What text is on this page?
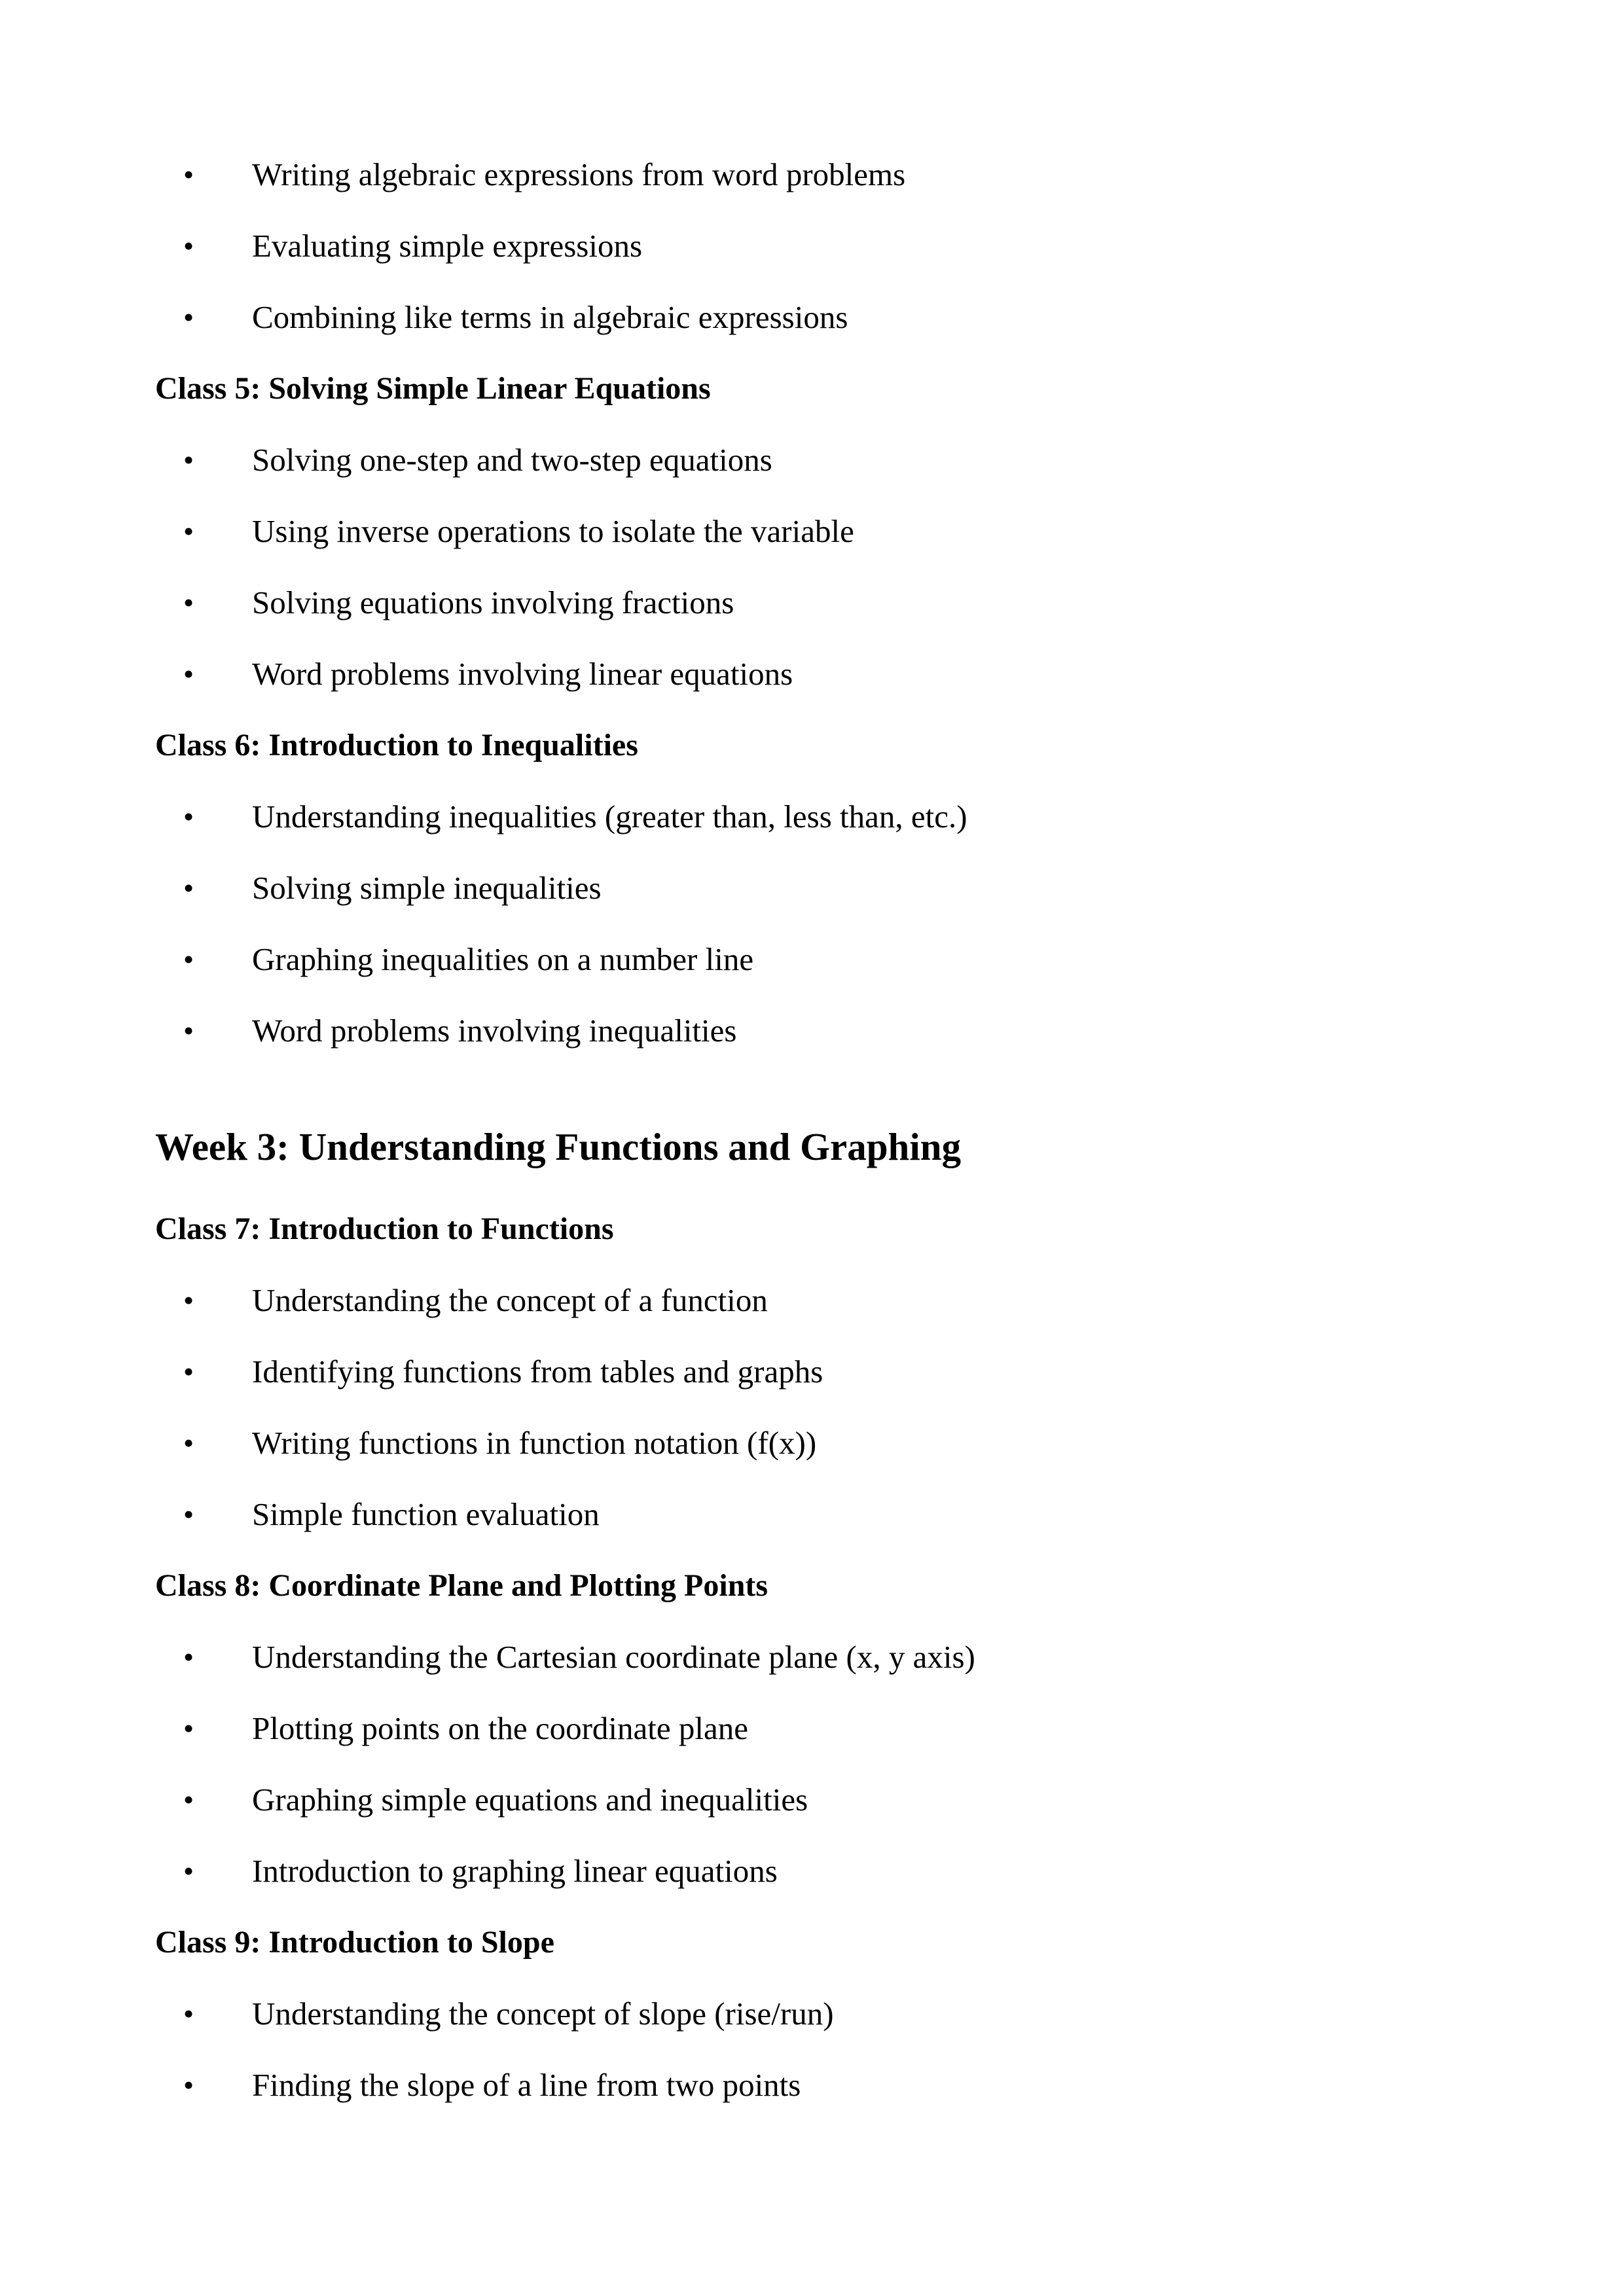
• Writing algebraic expressions from word problems
• Evaluating simple expressions
• Combining like terms in algebraic expressions
Class 5: Solving Simple Linear Equations
• Solving one-step and two-step equations
• Using inverse operations to isolate the variable
• Solving equations involving fractions
• Word problems involving linear equations
Class 6: Introduction to Inequalities
• Understanding inequalities (greater than, less than, etc.)
• Solving simple inequalities
• Graphing inequalities on a number line
• Word problems involving inequalities
Week 3: Understanding Functions and Graphing
Class 7: Introduction to Functions
• Understanding the concept of a function
• Identifying functions from tables and graphs
• Writing functions in function notation (f(x))
• Simple function evaluation
Class 8: Coordinate Plane and Plotting Points
• Understanding the Cartesian coordinate plane (x, y axis)
• Plotting points on the coordinate plane
• Graphing simple equations and inequalities
• Introduction to graphing linear equations
Class 9: Introduction to Slope
• Understanding the concept of slope (rise/run)
• Finding the slope of a line from two points
